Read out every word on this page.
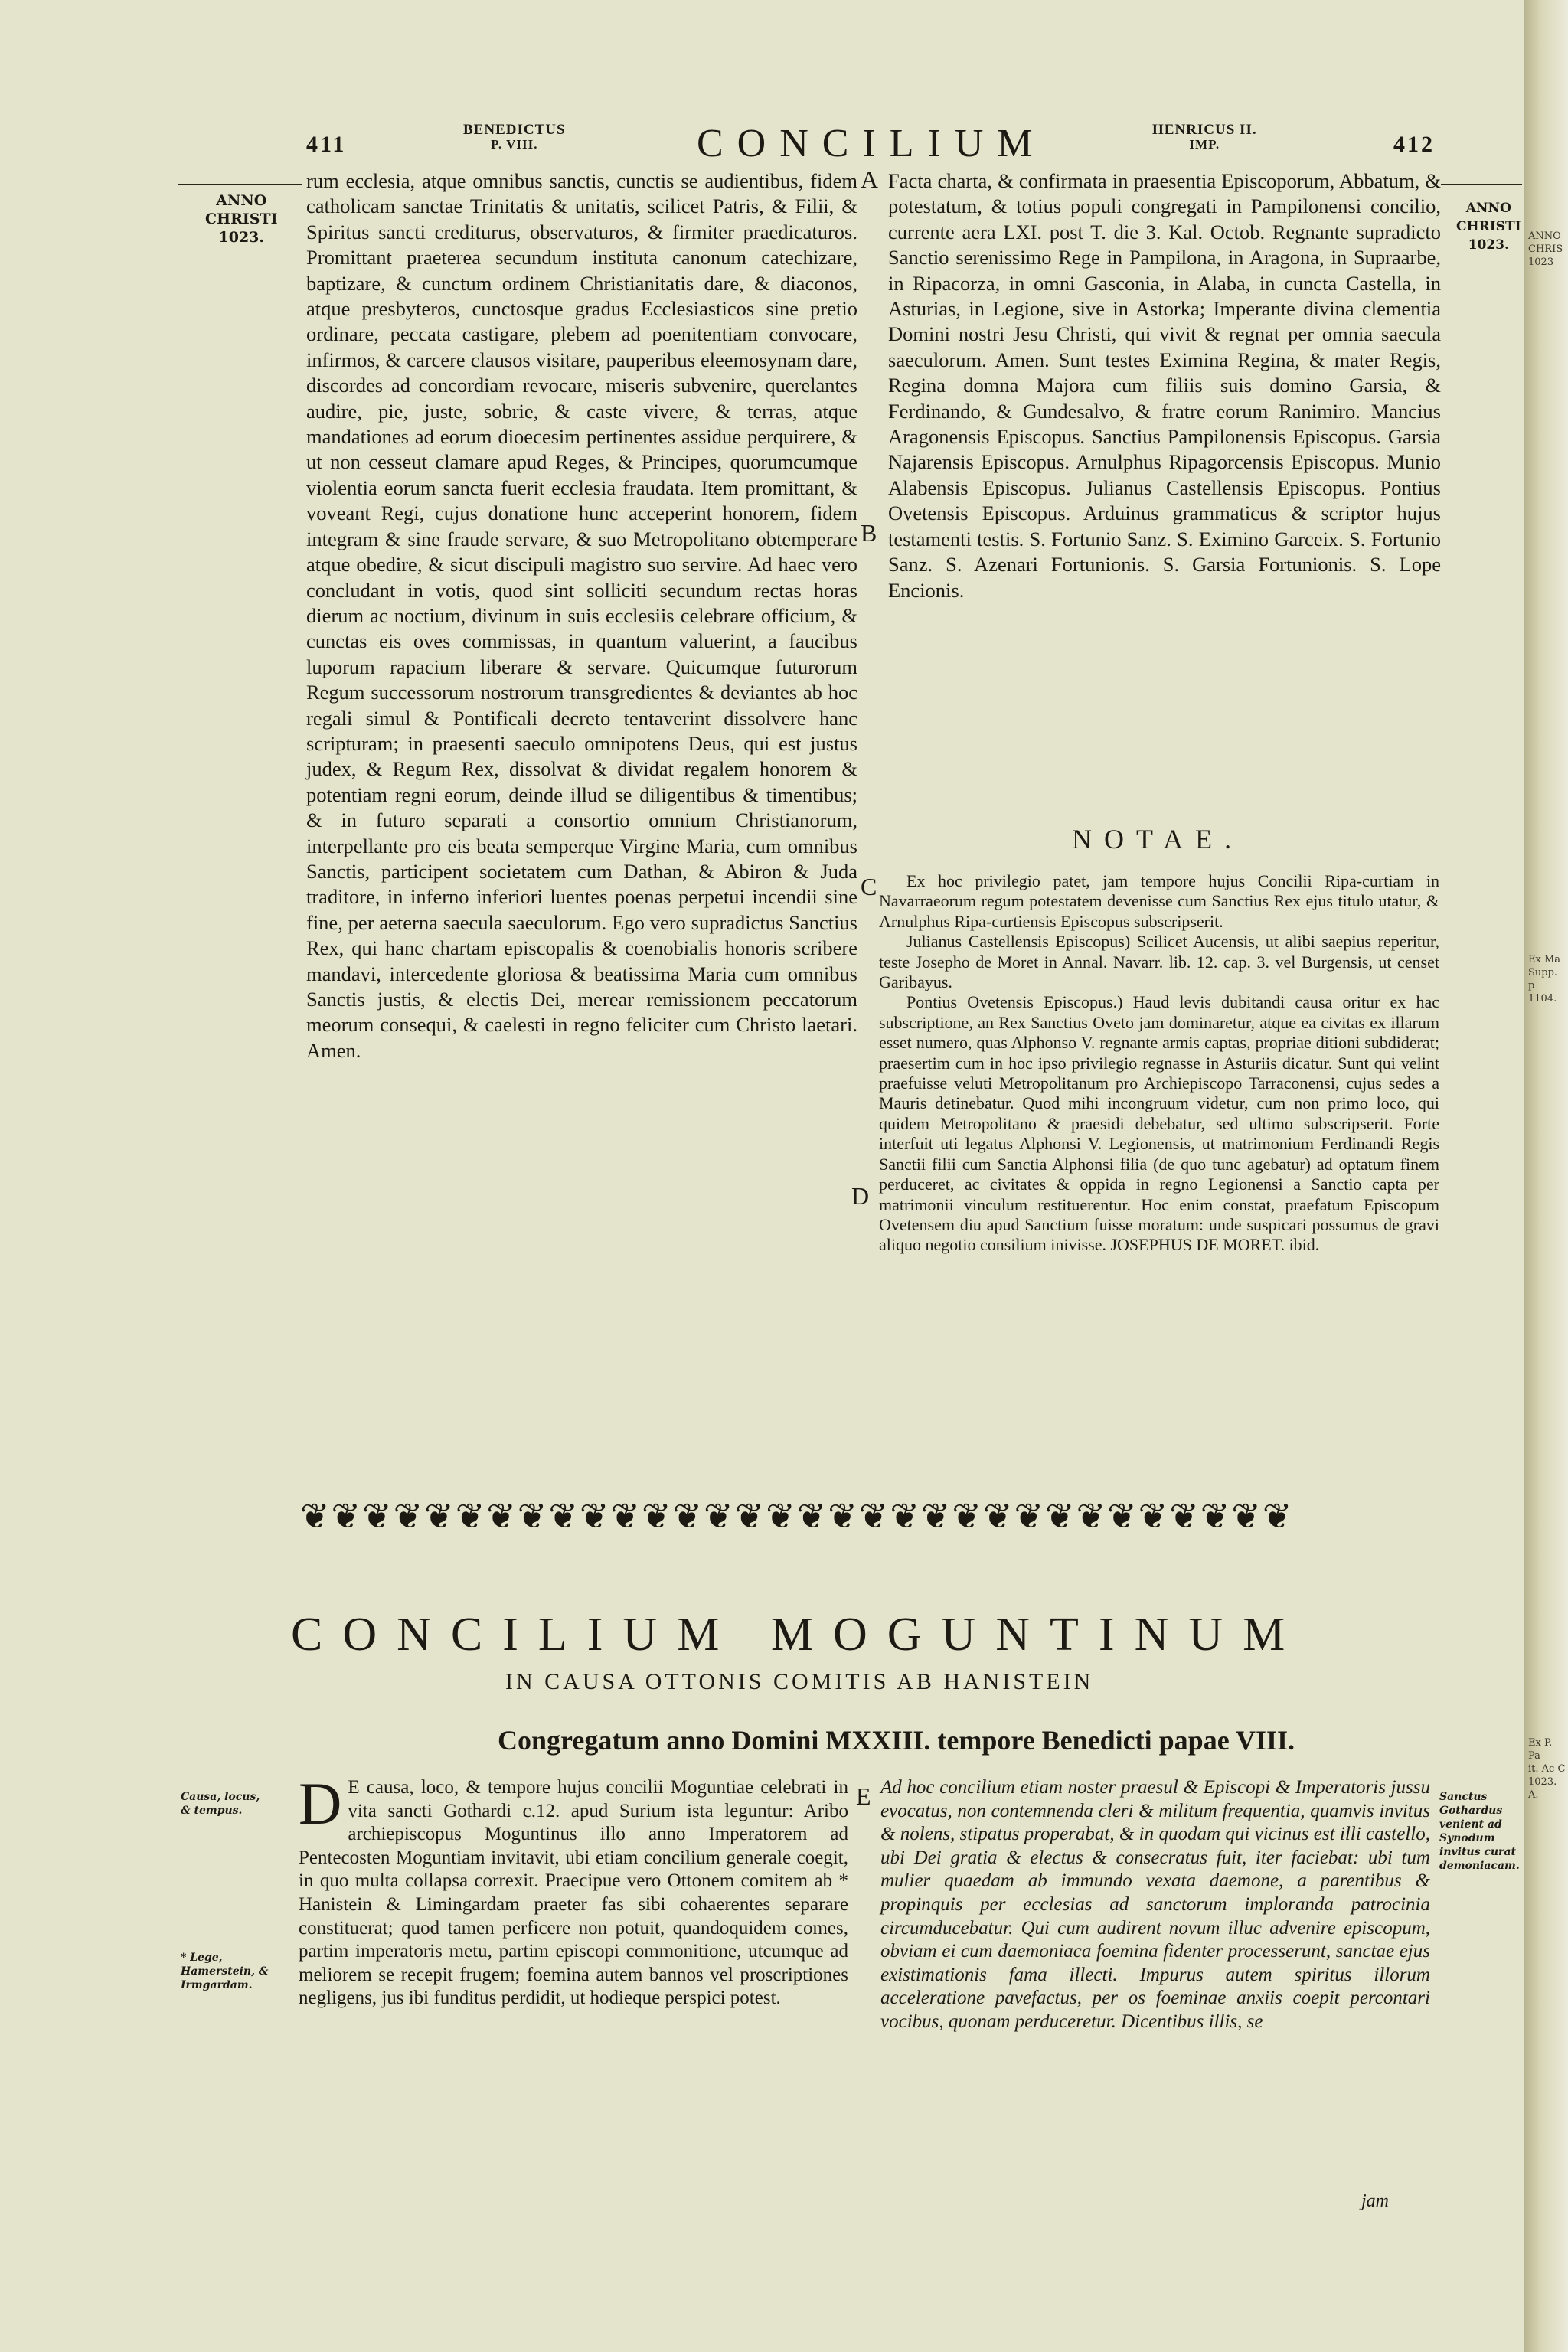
ANNO
CHRIS
1023
Ex Ma
Supp. p
1104.
Ex P. Pa
it. Ac C
1023. A.
411
BENEDICTUS
P. VIII.	CONCILIUM	HENRICUS II.
IMP.	412
ANNO
CHRISTI
1023.
ANNO
CHRISTI
1023.

rum ecclesia, atque omnibus sanctis, cunctis se audientibus, fidem catholicam sanctae Trinitatis & unitatis, scilicet Patris, & Filii, & Spiritus sancti crediturus, observaturos, & firmiter praedicaturos. Promittant praeterea secundum instituta canonum catechizare, baptizare, & cunctum ordinem Christianitatis dare, & diaconos, atque presbyteros, cunctosque gradus Ecclesiasticos sine pretio ordinare, peccata castigare, plebem ad poenitentiam convocare, infirmos, & carcere clausos visitare, pauperibus eleemosynam dare, discordes ad concordiam revocare, miseris subvenire, querelantes audire, pie, juste, sobrie, & caste vivere, & terras, atque mandationes ad eorum dioecesim pertinentes assidue perquirere, & ut non cesseut clamare apud Reges, & Principes, quorumcumque violentia eorum sancta fuerit ecclesia fraudata. Item promittant, & voveant Regi, cujus donatione hunc acceperint honorem, fidem integram & sine fraude servare, & suo Metropolitano obtemperare atque obedire, & sicut discipuli magistro suo servire. Ad haec vero concludant in votis, quod sint solliciti secundum rectas horas dierum ac noctium, divinum in suis ecclesiis celebrare officium, & cunctas eis oves commissas, in quantum valuerint, a faucibus luporum rapacium liberare & servare. Quicumque futurorum Regum successorum nostrorum transgredientes & deviantes ab hoc regali simul & Pontificali decreto tentaverint dissolvere hanc scripturam; in praesenti saeculo omnipotens Deus, qui est justus judex, & Regum Rex, dissolvat & dividat regalem honorem & potentiam regni eorum, deinde illud se diligentibus & timentibus; & in futuro separati a consortio omnium Christianorum, interpellante pro eis beata semperque Virgine Maria, cum omnibus Sanctis, participent societatem cum Dathan, & Abiron & Juda traditore, in inferno inferiori luentes poenas perpetui incendii sine fine, per aeterna saecula saeculorum. Ego vero supradictus Sanctius Rex, qui hanc chartam episcopalis & coenobialis honoris scribere mandavi, intercedente gloriosa & beatissima Maria cum omnibus Sanctis justis, & electis Dei, merear remissionem peccatorum meorum consequi, & caelesti in regno feliciter cum Christo laetari. Amen.

A
B
C
D

Facta charta, & confirmata in praesentia Episcoporum, Abbatum, & potestatum, & totius populi congregati in Pampilonensi concilio, currente aera LXI. post T. die 3. Kal. Octob. Regnante supradicto Sanctio serenissimo Rege in Pampilona, in Aragona, in Supraarbe, in Ripacorza, in omni Gasconia, in Alaba, in cuncta Castella, in Asturias, in Legione, sive in Astorka; Imperante divina clementia Domini nostri Jesu Christi, qui vivit & regnat per omnia saecula saeculorum. Amen. Sunt testes Eximina Regina, & mater Regis, Regina domna Majora cum filiis suis domino Garsia, & Ferdinando, & Gundesalvo, & fratre eorum Ranimiro. Mancius Aragonensis Episcopus. Sanctius Pampilonensis Episcopus. Garsia Najarensis Episcopus. Arnulphus Ripagorcensis Episcopus. Munio Alabensis Episcopus. Julianus Castellensis Episcopus. Pontius Ovetensis Episcopus. Arduinus grammaticus & scriptor hujus testamenti testis. S. Fortunio Sanz. S. Eximino Garceix. S. Fortunio Sanz. S. Azenari Fortunionis. S. Garsia Fortunionis. S. Lope Encionis.

NOTAE.

Ex hoc privilegio patet, jam tempore hujus Concilii Ripa-curtiam in Navarraeorum regum potestatem devenisse cum Sanctius Rex ejus titulo utatur, & Arnulphus Ripa-curtiensis Episcopus subscripserit.

Julianus Castellensis Episcopus) Scilicet Aucensis, ut alibi saepius reperitur, teste Josepho de Moret in Annal. Navarr. lib. 12. cap. 3. vel Burgensis, ut censet Garibayus.

Pontius Ovetensis Episcopus.) Haud levis dubitandi causa oritur ex hac subscriptione, an Rex Sanctius Oveto jam dominaretur, atque ea civitas ex illarum esset numero, quas Alphonso V. regnante armis captas, propriae ditioni subdiderat; praesertim cum in hoc ipso privilegio regnasse in Asturiis dicatur. Sunt qui velint praefuisse veluti Metropolitanum pro Archiepiscopo Tarraconensi, cujus sedes a Mauris detinebatur. Quod mihi incongruum videtur, cum non primo loco, qui quidem Metropolitano & praesidi debebatur, sed ultimo subscripserit. Forte interfuit uti legatus Alphonsi V. Legionensis, ut matrimonium Ferdinandi Regis Sanctii filii cum Sanctia Alphonsi filia (de quo tunc agebatur) ad optatum finem perduceret, ac civitates & oppida in regno Legionensi a Sanctio capta per matrimonii vinculum restituerentur. Hoc enim constat, praefatum Episcopum Ovetensem diu apud Sanctium fuisse moratum: unde suspicari possumus de gravi aliquo negotio consilium inivisse. JOSEPHUS DE MORET. ibid.

❦❦❦❦❦❦❦❦❦❦❦❦❦❦❦❦❦❦❦❦❦❦❦❦❦❦❦❦❦❦❦❦
CONCILIUM MOGUNTINUM
IN CAUSA OTTONIS COMITIS AB HANISTEIN
Congregatum anno Domini MXXIII. tempore Benedicti papae VIII.
Causa, locus,
& tempus.
* Lege, Hamerstein, &
Irmgardam.
Sanctus Gothardus venient ad Synodum invitus curat demoniacam.
D E causa, loco, & tempore hujus concilii Moguntiae celebrati in vita sancti Gothardi c.12. apud Surium ista leguntur: Aribo archiepiscopus Moguntinus illo anno Imperatorem ad Pentecosten Moguntiam invitavit, ubi etiam concilium generale coegit, in quo multa collapsa correxit. Praecipue vero Ottonem comitem ab * Hanistein & Limingardam praeter fas sibi cohaerentes separare constituerat; quod tamen perficere non potuit, quandoquidem comes, partim imperatoris metu, partim episcopi commonitione, utcumque ad meliorem se recepit frugem; foemina autem bannos vel proscriptiones negligens, jus ibi funditus perdidit, ut hodieque perspici potest.

E Ad hoc concilium etiam noster praesul & Episcopi & Imperatoris jussu evocatus, non contemnenda cleri & militum frequentia, quamvis invitus & nolens, stipatus properabat, & in quodam qui vicinus est illi castello, ubi Dei gratia & electus & consecratus fuit, iter faciebat: ubi tum mulier quaedam ab immundo vexata daemone, a parentibus & propinquis per ecclesias ad sanctorum imploranda patrocinia circumducebatur. Qui cum audirent novum illuc advenire episcopum, obviam ei cum daemoniaca foemina fidenter processerunt, sanctae ejus existimationis fama illecti. Impurus autem spiritus illorum acceleratione pavefactus, per os foeminae anxiis coepit percontari vocibus, quonam perduceretur. Dicentibus illis, se

jam
